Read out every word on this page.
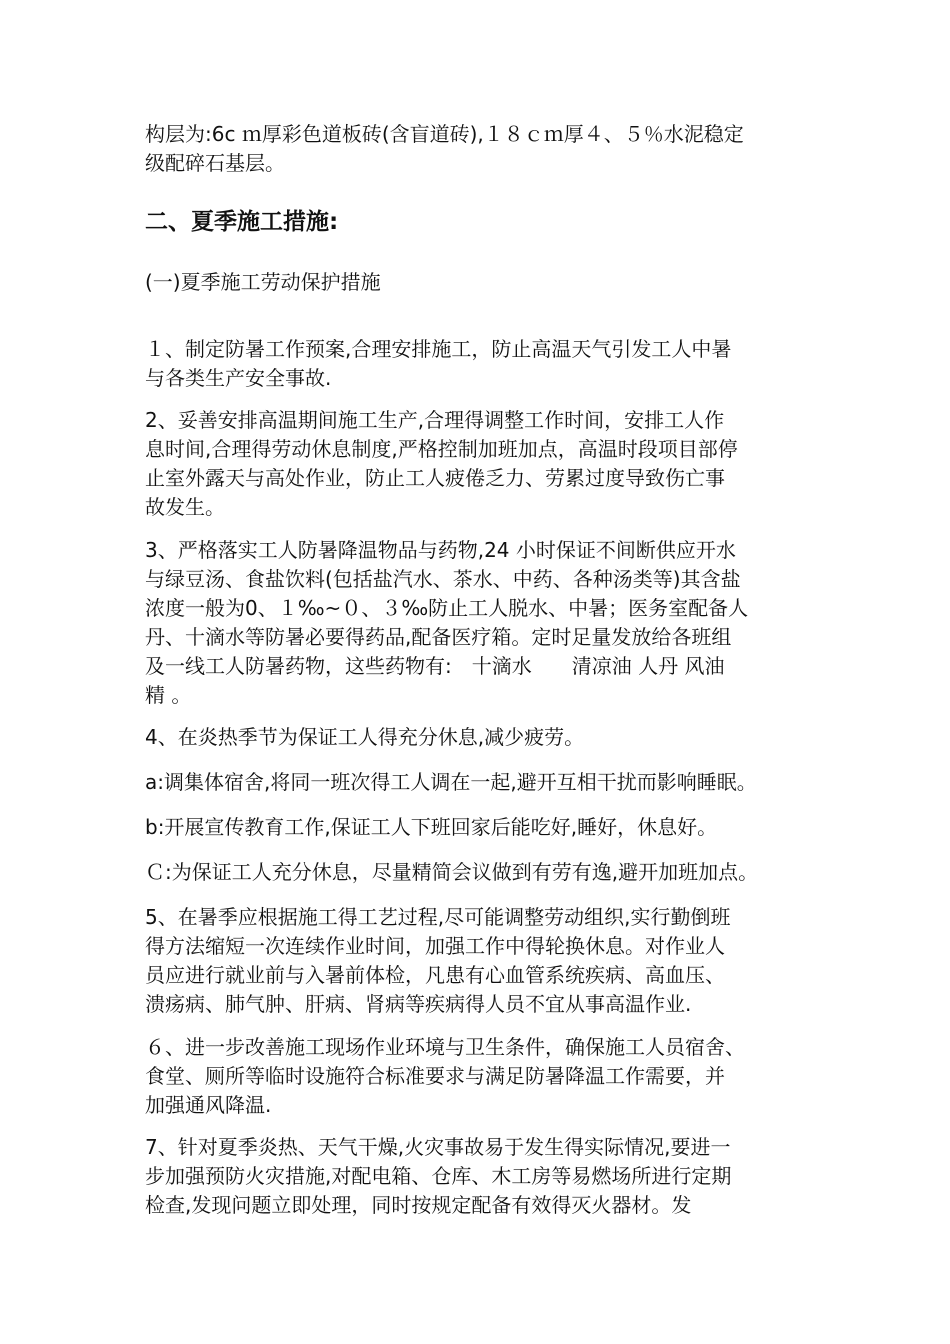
构层为:6c ｍ厚彩色道板砖(含盲道砖),１８ｃｍ厚４、５％水泥稳定
级配碎石基层。
二、夏季施工措施:
(一)夏季施工劳动保护措施
１、制定防暑工作预案,合理安排施工，防止高温天气引发工人中暑
与各类生产安全事故.
2、妥善安排高温期间施工生产,合理得调整工作时间，安排工人作
息时间,合理得劳动休息制度,严格控制加班加点，高温时段项目部停
止室外露天与高处作业，防止工人疲倦乏力、劳累过度导致伤亡事
故发生。
3、严格落实工人防暑降温物品与药物,24 小时保证不间断供应开水
与绿豆汤、食盐饮料(包括盐汽水、茶水、中药、各种汤类等)其含盐
浓度一般为0、１‰~０、３‰防止工人脱水、中暑；医务室配备人
丹、十滴水等防暑必要得药品,配备医疗箱。定时足量发放给各班组
及一线工人防暑药物，这些药物有:　十滴水　　清凉油 人丹 风油
精 。
4、在炎热季节为保证工人得充分休息,减少疲劳。
a:调集体宿舍,将同一班次得工人调在一起,避开互相干扰而影响睡眠。
b:开展宣传教育工作,保证工人下班回家后能吃好,睡好，休息好。
Ｃ:为保证工人充分休息，尽量精简会议做到有劳有逸,避开加班加点。
5、在暑季应根据施工得工艺过程,尽可能调整劳动组织,实行勤倒班
得方法缩短一次连续作业时间，加强工作中得轮换休息。对作业人
员应进行就业前与入暑前体检，凡患有心血管系统疾病、高血压、
溃疡病、肺气肿、肝病、肾病等疾病得人员不宜从事高温作业.
６、进一步改善施工现场作业环境与卫生条件，确保施工人员宿舍、
食堂、厕所等临时设施符合标准要求与满足防暑降温工作需要，并
加强通风降温.
7、针对夏季炎热、天气干燥,火灾事故易于发生得实际情况,要进一
步加强预防火灾措施,对配电箱、仓库、木工房等易燃场所进行定期
检查,发现问题立即处理，同时按规定配备有效得灭火器材。发
